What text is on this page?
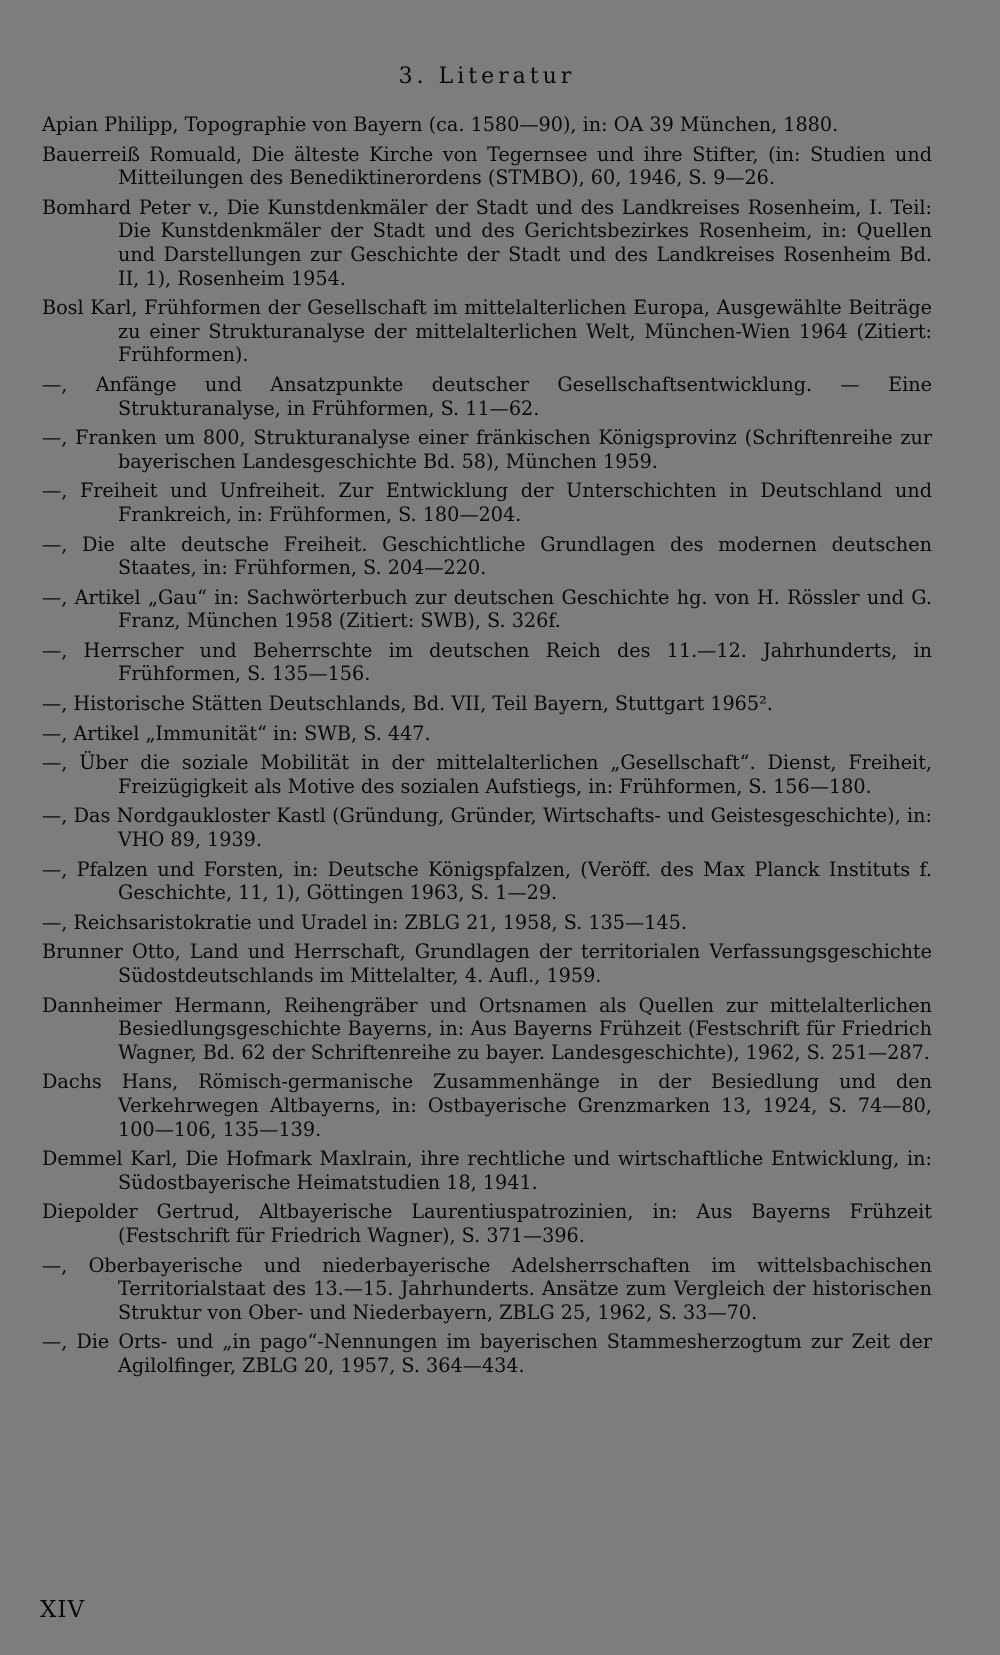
3. Literatur
Apian Philipp, Topographie von Bayern (ca. 1580—90), in: OA 39 München, 1880.
Bauerreiß Romuald, Die älteste Kirche von Tegernsee und ihre Stifter, (in: Studien und Mitteilungen des Benediktinerordens (STMBO), 60, 1946, S. 9—26.
Bomhard Peter v., Die Kunstdenkmäler der Stadt und des Landkreises Rosenheim, I. Teil: Die Kunstdenkmäler der Stadt und des Gerichtsbezirkes Rosenheim, in: Quellen und Darstellungen zur Geschichte der Stadt und des Landkreises Rosenheim Bd. II, 1), Rosenheim 1954.
Bosl Karl, Frühformen der Gesellschaft im mittelalterlichen Europa, Ausgewählte Beiträge zu einer Strukturanalyse der mittelalterlichen Welt, München-Wien 1964 (Zitiert: Frühformen).
—, Anfänge und Ansatzpunkte deutscher Gesellschaftsentwicklung. — Eine Strukturanalyse, in Frühformen, S. 11—62.
—, Franken um 800, Strukturanalyse einer fränkischen Königsprovinz (Schriftenreihe zur bayerischen Landesgeschichte Bd. 58), München 1959.
—, Freiheit und Unfreiheit. Zur Entwicklung der Unterschichten in Deutschland und Frankreich, in: Frühformen, S. 180—204.
—, Die alte deutsche Freiheit. Geschichtliche Grundlagen des modernen deutschen Staates, in: Frühformen, S. 204—220.
—, Artikel „Gau“ in: Sachwörterbuch zur deutschen Geschichte hg. von H. Rössler und G. Franz, München 1958 (Zitiert: SWB), S. 326f.
—, Herrscher und Beherrschte im deutschen Reich des 11.—12. Jahrhunderts, in Frühformen, S. 135—156.
—, Historische Stätten Deutschlands, Bd. VII, Teil Bayern, Stuttgart 1965².
—, Artikel „Immunität“ in: SWB, S. 447.
—, Über die soziale Mobilität in der mittelalterlichen „Gesellschaft“. Dienst, Freiheit, Freizügigkeit als Motive des sozialen Aufstiegs, in: Frühformen, S. 156—180.
—, Das Nordgaukloster Kastl (Gründung, Gründer, Wirtschafts- und Geistesgeschichte), in: VHO 89, 1939.
—, Pfalzen und Forsten, in: Deutsche Königspfalzen, (Veröff. des Max Planck Instituts f. Geschichte, 11, 1), Göttingen 1963, S. 1—29.
—, Reichsaristokratie und Uradel in: ZBLG 21, 1958, S. 135—145.
Brunner Otto, Land und Herrschaft, Grundlagen der territorialen Verfassungsgeschichte Südostdeutschlands im Mittelalter, 4. Aufl., 1959.
Dannheimer Hermann, Reihengräber und Ortsnamen als Quellen zur mittelalterlichen Besiedlungsgeschichte Bayerns, in: Aus Bayerns Frühzeit (Festschrift für Friedrich Wagner, Bd. 62 der Schriftenreihe zu bayer. Landesgeschichte), 1962, S. 251—287.
Dachs Hans, Römisch-germanische Zusammenhänge in der Besiedlung und den Verkehrwegen Altbayerns, in: Ostbayerische Grenzmarken 13, 1924, S. 74—80, 100—106, 135—139.
Demmel Karl, Die Hofmark Maxlrain, ihre rechtliche und wirtschaftliche Entwicklung, in: Südostbayerische Heimatstudien 18, 1941.
Diepolder Gertrud, Altbayerische Laurentiuspatrozinien, in: Aus Bayerns Frühzeit (Festschrift für Friedrich Wagner), S. 371—396.
—, Oberbayerische und niederbayerische Adelsherrschaften im wittelsbachischen Territorialstaat des 13.—15. Jahrhunderts. Ansätze zum Vergleich der historischen Struktur von Ober- und Niederbayern, ZBLG 25, 1962, S. 33—70.
—, Die Orts- und „in pago“-Nennungen im bayerischen Stammesherzogtum zur Zeit der Agilolfinger, ZBLG 20, 1957, S. 364—434.
XIV
